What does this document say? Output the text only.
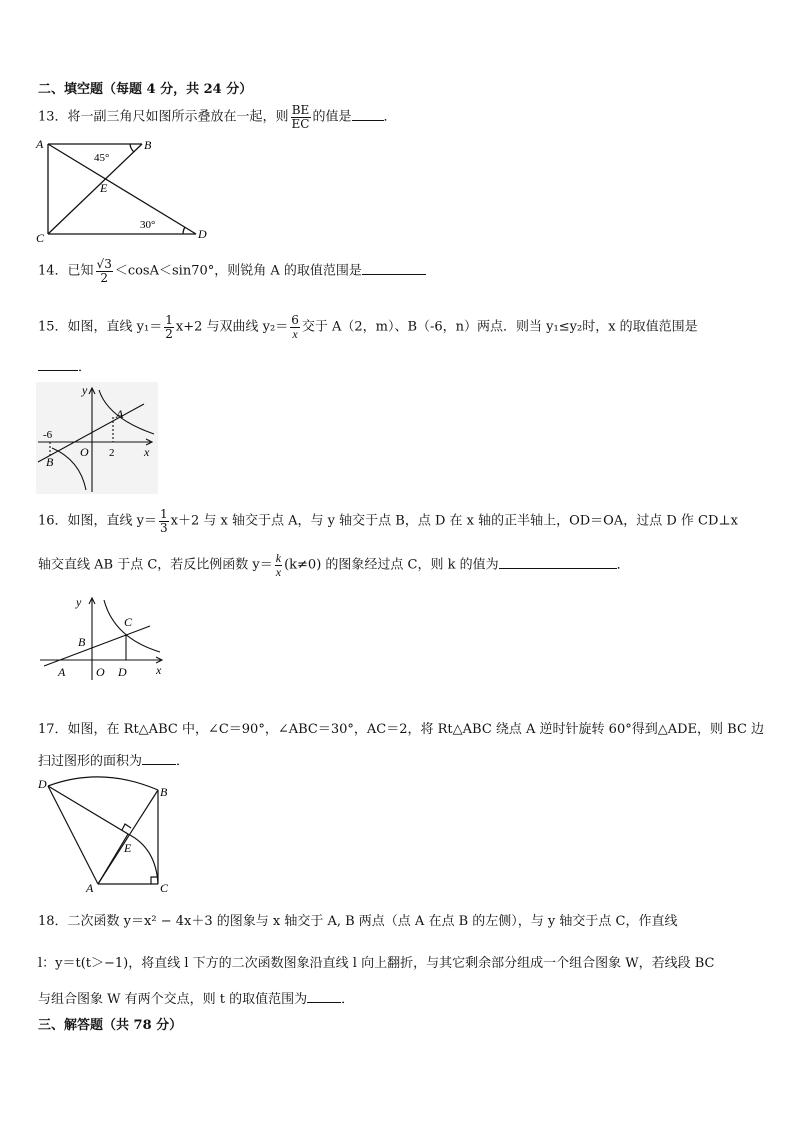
二、填空题（每题 4 分，共 24 分）
13．将一副三角尺如图所示叠放在一起，则 $\frac{BE}{EC}$ 的值是 ．
A	B
C	D
E
45°
30°
14．已知 $\frac{√3}{2} <\cos A<\sin 70^\circ$，则锐角 A 的取值范围是
15．如图，直线 $y_1= \frac{1}{2} x+2$ 与双曲线 $y_2= \frac{6}{x}$ 交于 A（2，m）、B（-6，n）两点．则当 y₁≤y₂时，x 的取值范围是
．
y
x
A
B
O
-6
2
16．如图，直线 $y= \frac{1}{3} x+2$ 与 x 轴交于点 A，与 y 轴交于点 B，点 D 在 x 轴的正半轴上，OD＝OA，过点 D 作 CD⊥x
轴交直线 AB 于点 C，若反比例函数 $y= \frac{k}{x} (k\ne 0)$ 的图象经过点 C，则 k 的值为	．
y
x
A
B
C
O D
17．如图，在 Rt△ABC 中，∠C＝90°，∠ABC＝30°，AC＝2，将 Rt△ABC 绕点 A 逆时针旋转 60°得到△ADE，则 BC 边
扫过图形的面积为	．
D
B
A	C
E
18．二次函数 y＝x² − 4x＋3 的图象与 x 轴交于 A, B 两点（点 A 在点 B 的左侧），与 y 轴交于点 C，作直线
l：y＝t(t＞−1)，将直线 l 下方的二次函数图象沿直线 l 向上翻折，与其它剩余部分组成一个组合图象 W，若线段 BC
与组合图象 W 有两个交点，则 t 的取值范围为	．
三、解答题（共 78 分）
